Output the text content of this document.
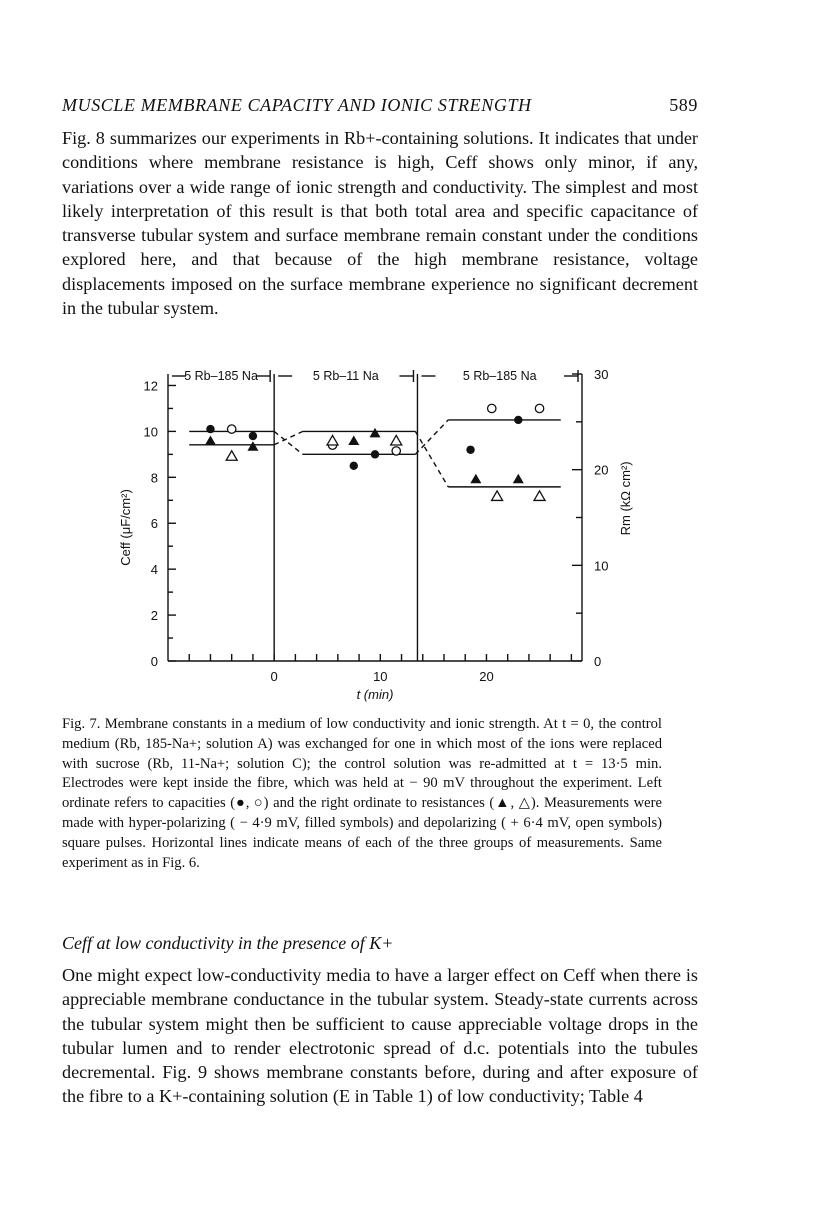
MUSCLE MEMBRANE CAPACITY AND IONIC STRENGTH	589

Fig. 8 summarizes our experiments in Rb+-containing solutions. It indicates that under conditions where membrane resistance is high, Ceff shows only minor, if any, variations over a wide range of ionic strength and conductivity. The simplest and most likely interpretation of this result is that both total area and specific capacitance of transverse tubular system and surface membrane remain constant under the conditions explored here, and that because of the high membrane resistance, voltage displacements imposed on the surface membrane experience no significant decrement in the tubular system.

0
2
4
6
8
10
12
0	10	20
t (min)
0
10
20
30
Ceff (μF/cm²)	Rm (kΩ cm²)
5 Rb–185 Na	5 Rb–11 Na	5 Rb–185 Na

Fig. 7. Membrane constants in a medium of low conductivity and ionic strength. At t = 0, the control medium (Rb, 185-Na+; solution A) was exchanged for one in which most of the ions were replaced with sucrose (Rb, 11-Na+; solution C); the control solution was re-admitted at t = 13·5 min. Electrodes were kept inside the fibre, which was held at − 90 mV throughout the experiment. Left ordinate refers to capacities (●, ○) and the right ordinate to resistances (▲, △). Measurements were made with hyper-polarizing ( − 4·9 mV, filled symbols) and depolarizing ( + 6·4 mV, open symbols) square pulses. Horizontal lines indicate means of each of the three groups of measurements. Same experiment as in Fig. 6.

Ceff at low conductivity in the presence of K+

One might expect low-conductivity media to have a larger effect on Ceff when there is appreciable membrane conductance in the tubular system. Steady-state currents across the tubular system might then be sufficient to cause appreciable voltage drops in the tubular lumen and to render electrotonic spread of d.c. potentials into the tubules decremental. Fig. 9 shows membrane constants before, during and after exposure of the fibre to a K+-containing solution (E in Table 1) of low conductivity; Table 4
